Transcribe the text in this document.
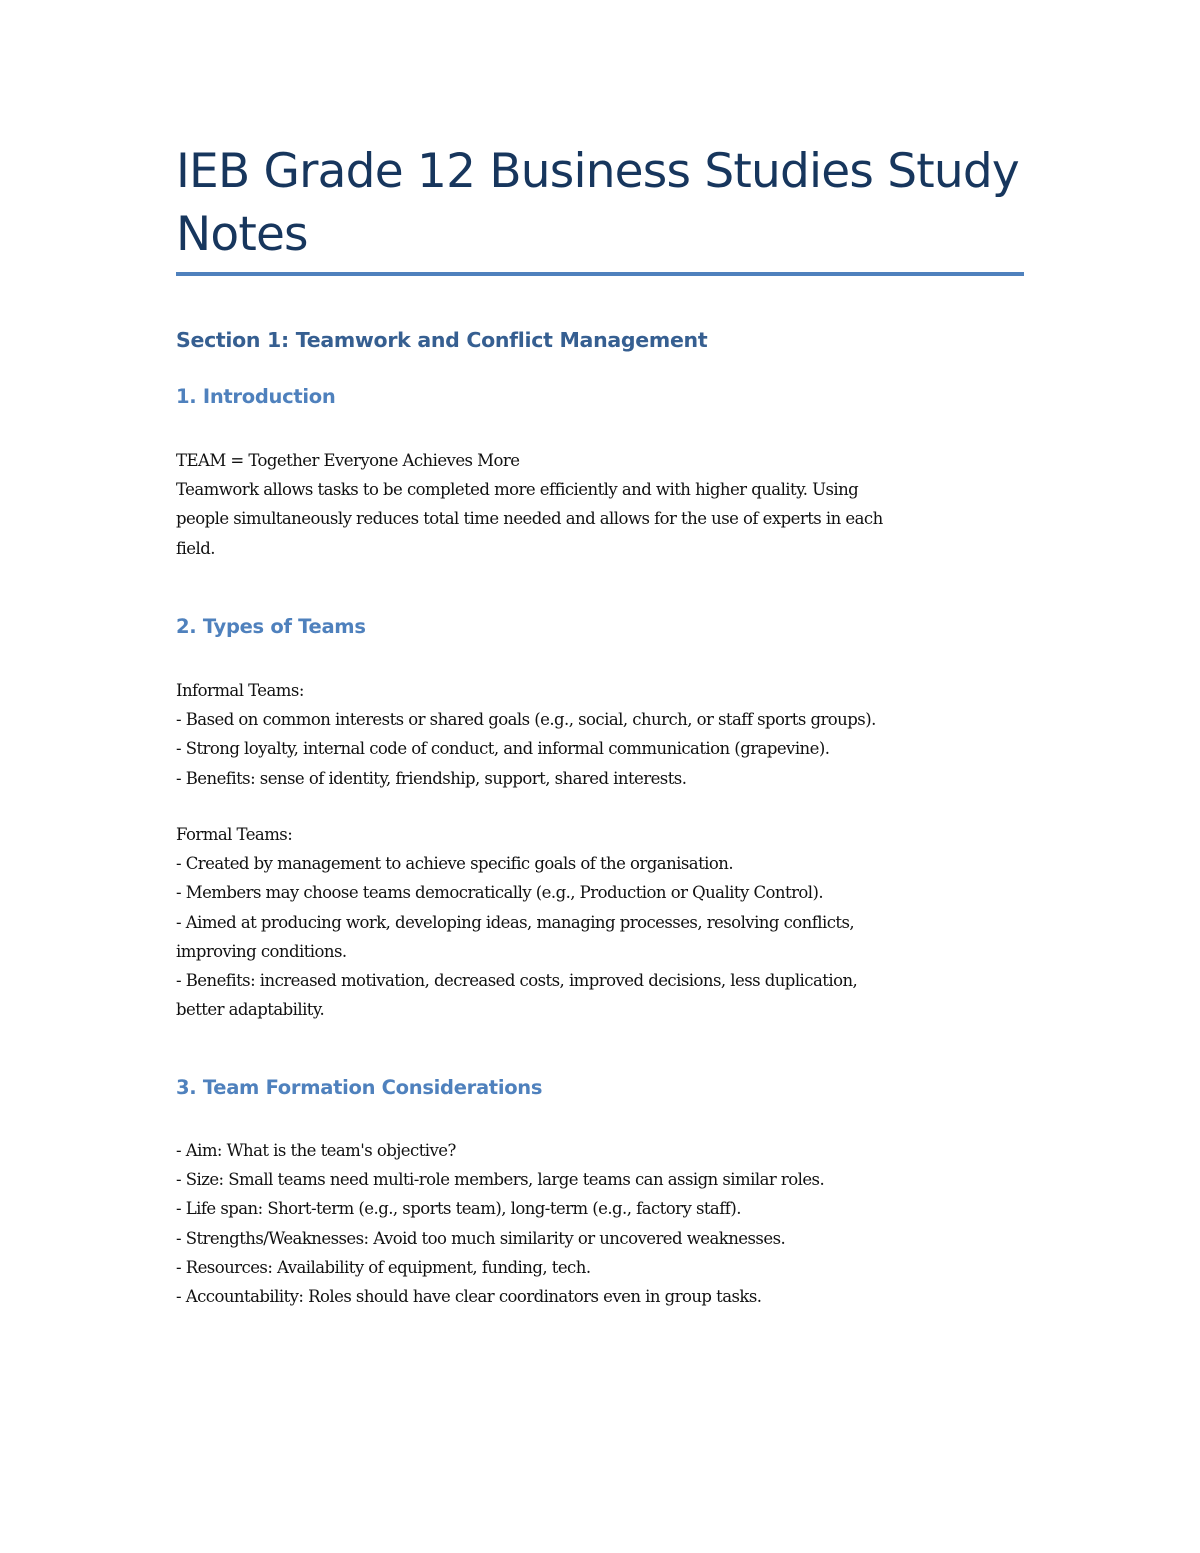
IEB Grade 12 Business Studies Study
Notes
Section 1: Teamwork and Conflict Management
1. Introduction
TEAM = Together Everyone Achieves More
Teamwork allows tasks to be completed more efficiently and with higher quality. Using
people simultaneously reduces total time needed and allows for the use of experts in each
field.
2. Types of Teams
Informal Teams:
- Based on common interests or shared goals (e.g., social, church, or staff sports groups).
- Strong loyalty, internal code of conduct, and informal communication (grapevine).
- Benefits: sense of identity, friendship, support, shared interests.
Formal Teams:
- Created by management to achieve specific goals of the organisation.
- Members may choose teams democratically (e.g., Production or Quality Control).
- Aimed at producing work, developing ideas, managing processes, resolving conflicts,
improving conditions.
- Benefits: increased motivation, decreased costs, improved decisions, less duplication,
better adaptability.
3. Team Formation Considerations
- Aim: What is the team's objective?
- Size: Small teams need multi-role members, large teams can assign similar roles.
- Life span: Short-term (e.g., sports team), long-term (e.g., factory staff).
- Strengths/Weaknesses: Avoid too much similarity or uncovered weaknesses.
- Resources: Availability of equipment, funding, tech.
- Accountability: Roles should have clear coordinators even in group tasks.
